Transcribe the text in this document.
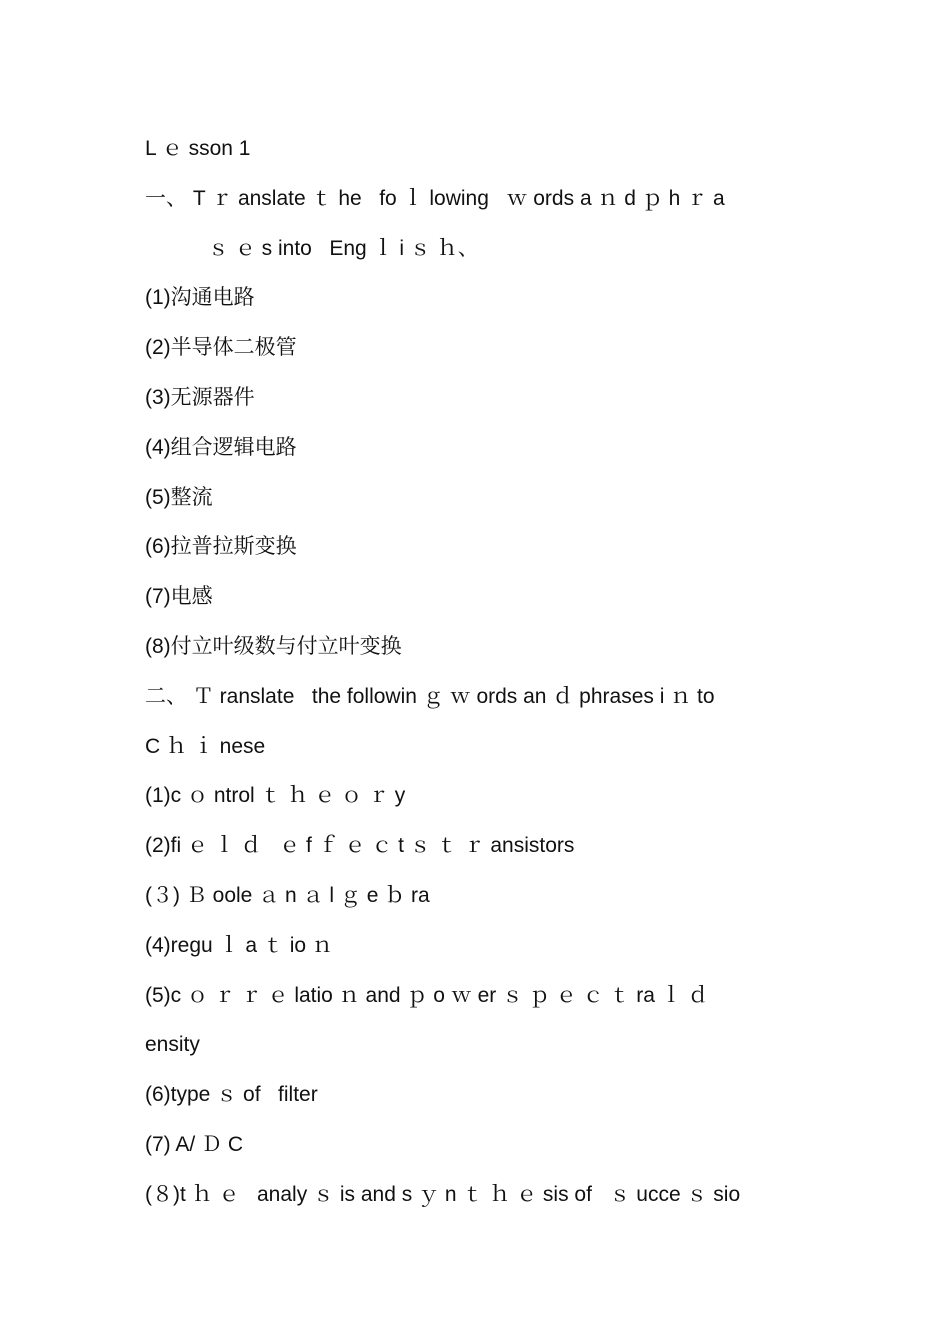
L ｅ sson 1
一、 T ｒ anslate ｔ he   fo ｌ lowing   ｗ ords a ｎ d ｐ h ｒ a
ｓ ｅ s into   Eng ｌ i ｓ ｈ、
(1)沟通电路
(2)半导体二极管
(3)无源器件
(4)组合逻辑电路
(5)整流
(6)拉普拉斯变换
(7)电感
(8)付立叶级数与付立叶变换
二、 Ｔ ranslate   the followin ｇ ｗ ords an ｄ phrases i ｎ to
C ｈ ｉ nese
(1)c ｏ ntrol ｔ ｈ ｅ ｏ ｒ y
(2)fi ｅ ｌ ｄ   ｅ f ｆ ｅ ｃ t ｓ ｔ ｒ ansistors
(３) Ｂ oole ａ n ａ l ｇ e ｂ ra
(4)regu ｌ a ｔ io ｎ
(5)c ｏ ｒ ｒ ｅ latio ｎ and ｐ o ｗ er ｓ ｐ ｅ ｃ ｔ ra ｌ ｄ
ensity
(6)type ｓ of   filter
(7) A/ Ｄ C
(８)t ｈ ｅ   analy ｓ is and s ｙ n ｔ ｈ ｅ sis of   ｓ ucce ｓ sio
